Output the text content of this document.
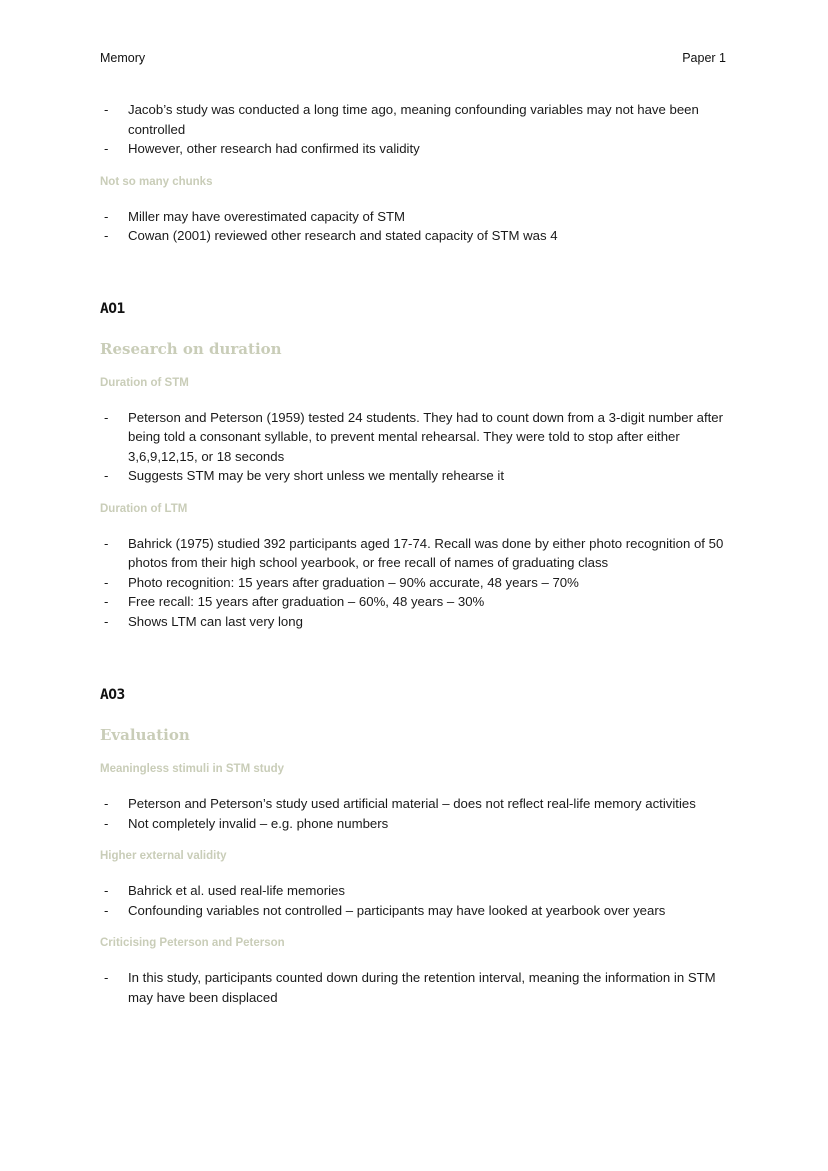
Memory	Paper 1
- Jacob’s study was conducted a long time ago, meaning confounding variables may not have been controlled
- However, other research had confirmed its validity

Not so many chunks

- Miller may have overestimated capacity of STM
- Cowan (2001) reviewed other research and stated capacity of STM was 4

AO1

Research on duration

Duration of STM

- Peterson and Peterson (1959) tested 24 students. They had to count down from a 3-digit number after being told a consonant syllable, to prevent mental rehearsal. They were told to stop after either 3,6,9,12,15, or 18 seconds
- Suggests STM may be very short unless we mentally rehearse it

Duration of LTM

- Bahrick (1975) studied 392 participants aged 17-74. Recall was done by either photo recognition of 50 photos from their high school yearbook, or free recall of names of graduating class
- Photo recognition: 15 years after graduation – 90% accurate, 48 years – 70%
- Free recall: 15 years after graduation – 60%, 48 years – 30%
- Shows LTM can last very long

AO3

Evaluation

Meaningless stimuli in STM study

- Peterson and Peterson’s study used artificial material – does not reflect real-life memory activities
- Not completely invalid – e.g. phone numbers

Higher external validity

- Bahrick et al. used real-life memories
- Confounding variables not controlled – participants may have looked at yearbook over years

Criticising Peterson and Peterson

- In this study, participants counted down during the retention interval, meaning the information in STM may have been displaced
